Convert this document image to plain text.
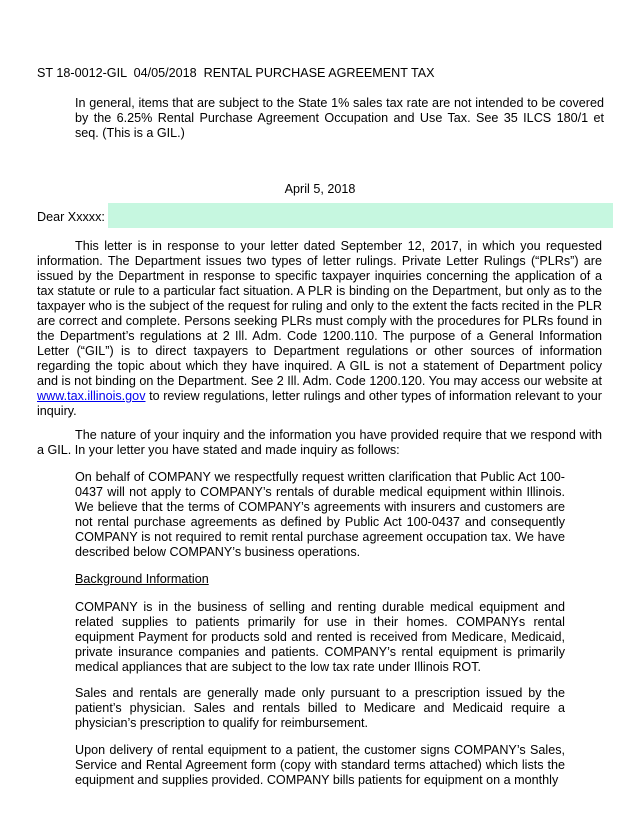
ST 18-0012-GIL  04/05/2018  RENTAL PURCHASE AGREEMENT TAX

In general, items that are subject to the State 1% sales tax rate are not intended to be covered by the 6.25% Rental Purchase Agreement Occupation and Use Tax. See 35 ILCS 180/1 et seq. (This is a GIL.)

April 5, 2018
Dear Xxxxx:

This letter is in response to your letter dated September 12, 2017, in which you requested information. The Department issues two types of letter rulings. Private Letter Rulings (“PLRs”) are issued by the Department in response to specific taxpayer inquiries concerning the application of a tax statute or rule to a particular fact situation. A PLR is binding on the Department, but only as to the taxpayer who is the subject of the request for ruling and only to the extent the facts recited in the PLR are correct and complete. Persons seeking PLRs must comply with the procedures for PLRs found in the Department’s regulations at 2 Ill. Adm. Code 1200.110. The purpose of a General Information Letter (“GIL”) is to direct taxpayers to Department regulations or other sources of information regarding the topic about which they have inquired. A GIL is not a statement of Department policy and is not binding on the Department. See 2 Ill. Adm. Code 1200.120. You may access our website at www.tax.illinois.gov to review regulations, letter rulings and other types of information relevant to your inquiry.

The nature of your inquiry and the information you have provided require that we respond with a GIL. In your letter you have stated and made inquiry as follows:

On behalf of COMPANY we respectfully request written clarification that Public Act 100-0437 will not apply to COMPANY’s rentals of durable medical equipment within Illinois. We believe that the terms of COMPANY’s agreements with insurers and customers are not rental purchase agreements as defined by Public Act 100-0437 and consequently COMPANY is not required to remit rental purchase agreement occupation tax. We have described below COMPANY’s business operations.

Background Information

COMPANY is in the business of selling and renting durable medical equipment and related supplies to patients primarily for use in their homes. COMPANYs rental equipment Payment for products sold and rented is received from Medicare, Medicaid, private insurance companies and patients. COMPANY’s rental equipment is primarily medical appliances that are subject to the low tax rate under Illinois ROT.

Sales and rentals are generally made only pursuant to a prescription issued by the patient’s physician. Sales and rentals billed to Medicare and Medicaid require a physician’s prescription to qualify for reimbursement.

Upon delivery of rental equipment to a patient, the customer signs COMPANY’s Sales, Service and Rental Agreement form (copy with standard terms attached) which lists the equipment and supplies provided. COMPANY bills patients for equipment on a monthly
